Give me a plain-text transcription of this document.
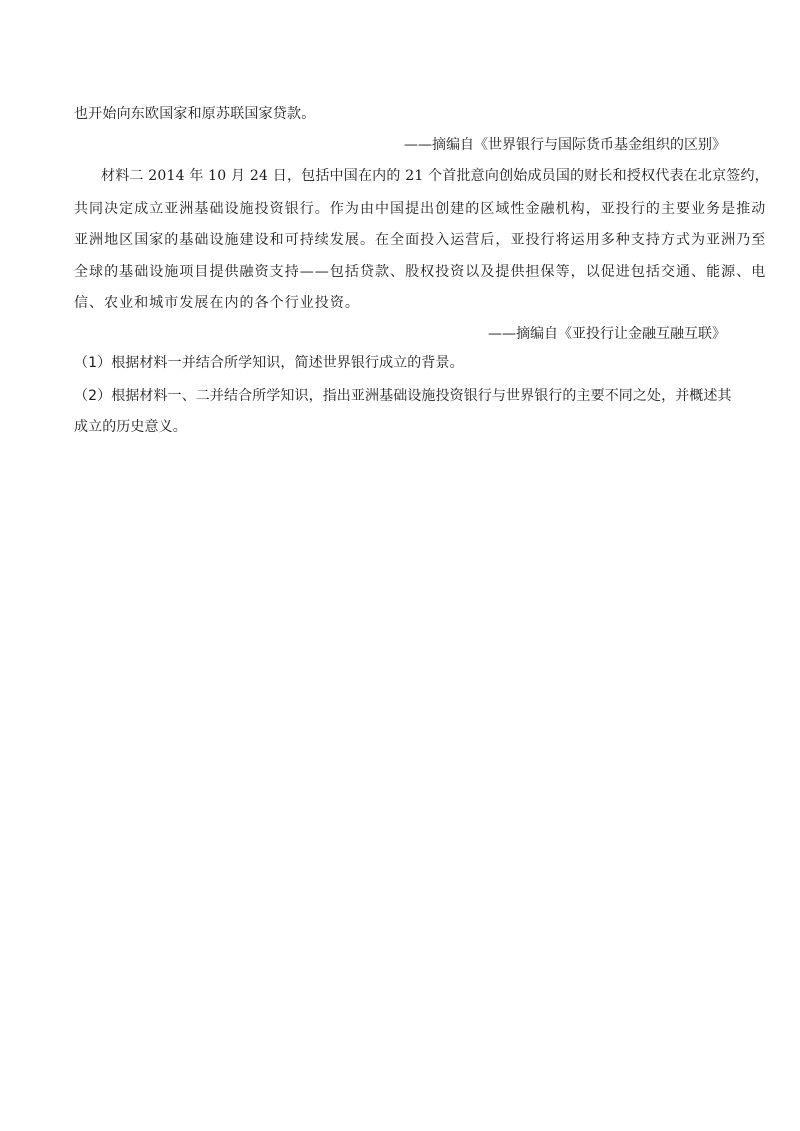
也开始向东欧国家和原苏联国家贷款。
——摘编自《世界银行与国际货币基金组织的区别》
材料二 2014 年 10 月 24 日，包括中国在内的 21 个首批意向创始成员国的财长和授权代表在北京签约，
共同决定成立亚洲基础设施投资银行。作为由中国提出创建的区域性金融机构，亚投行的主要业务是推动
亚洲地区国家的基础设施建设和可持续发展。在全面投入运营后，亚投行将运用多种支持方式为亚洲乃至
全球的基础设施项目提供融资支持——包括贷款、股权投资以及提供担保等，以促进包括交通、能源、电
信、农业和城市发展在内的各个行业投资。
——摘编自《亚投行让金融互融互联》
（1）根据材料一并结合所学知识，简述世界银行成立的背景。
（2）根据材料一、二并结合所学知识，指出亚洲基础设施投资银行与世界银行的主要不同之处，并概述其
成立的历史意义。
